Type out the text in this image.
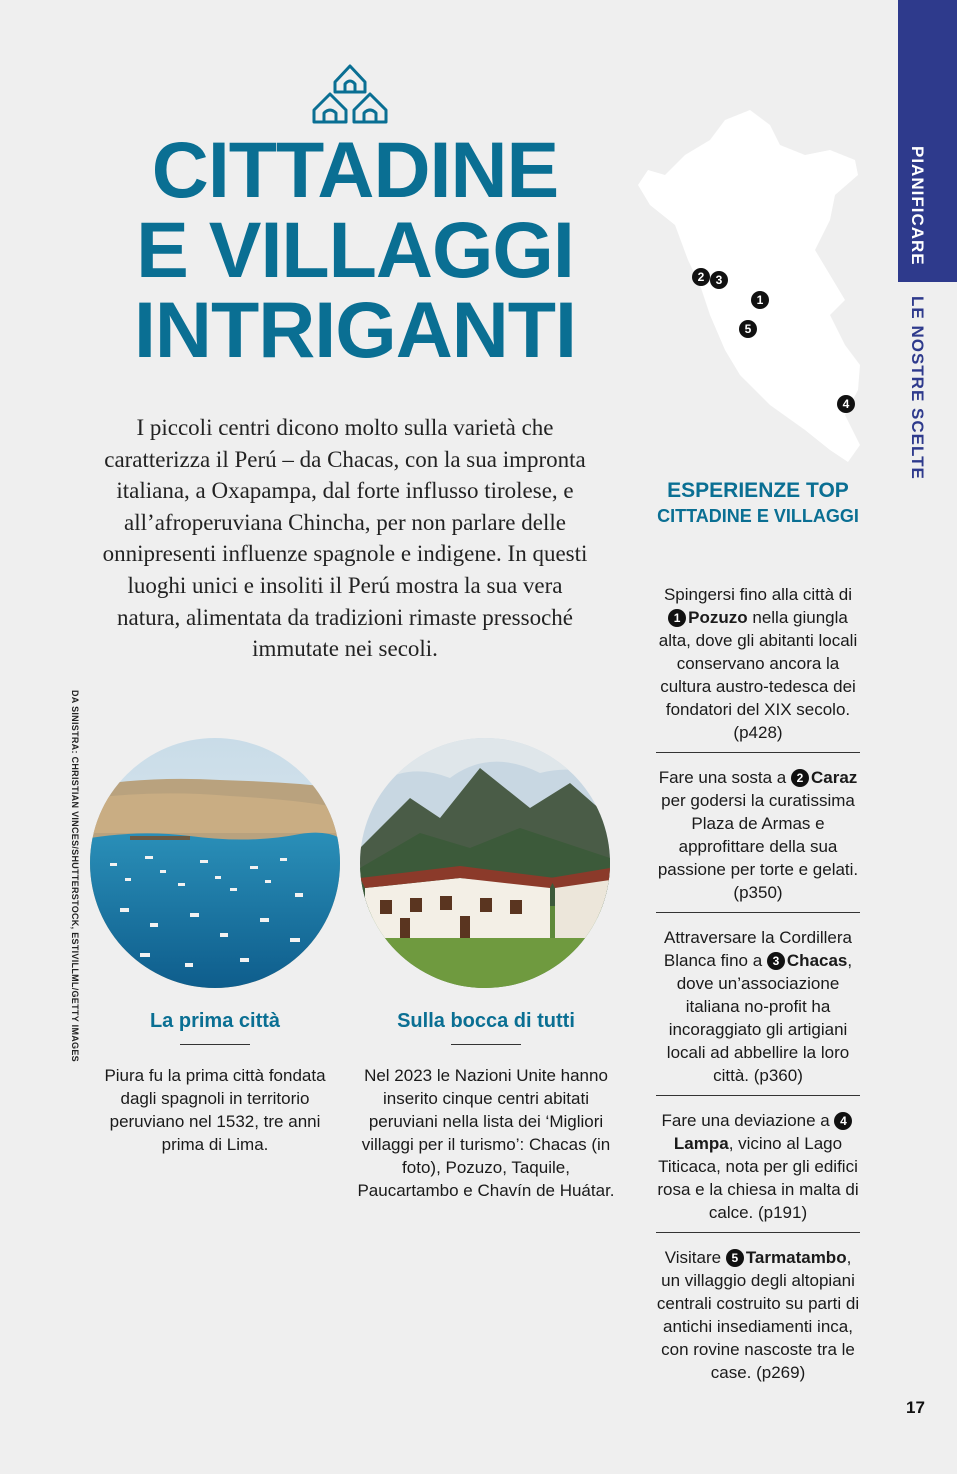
PIANIFICARE
LE NOSTRE SCELTE
CITTADINE
E VILLAGGI
INTRIGANTI

I piccoli centri dicono molto sulla varietà che caratterizza il Perú – da Chacas, con la sua impronta italiana, a Oxapampa, dal forte influsso tirolese, e all’afroperuviana Chincha, per non parlare delle onnipresenti influenze spagnole e indigene. In questi luoghi unici e insoliti il Perú mostra la sua vera natura, alimentata da tradizioni rimaste pressoché immutate nei secoli.

DA SINISTRA: CHRISTIAN VINCES/SHUTTERSTOCK, ESTIVILLML/GETTY IMAGES	La prima città

Piura fu la prima città fondata dagli spagnoli in territorio peruviano nel 1532, tre anni prima di Lima.

Sulla bocca di tutti

Nel 2023 le Nazioni Unite hanno inserito cinque centri abitati peruviani nella lista dei ‘Migliori villaggi per il turismo’: Chacas (in foto), Pozuzo, Taquile, Paucartambo e Chavín de Huátar.

2 3
1
5
4
ESPERIENZE TOP
CITTADINE E VILLAGGI
Spingersi fino alla città di 1 Pozuzo nella giungla alta, dove gli abitanti locali conservano ancora la cultura austro-tedesca dei fondatori del XIX secolo. (p428)
Fare una sosta a 2 Caraz per godersi la curatissima Plaza de Armas e approfittare della sua passione per torte e gelati. (p350)
Attraversare la Cordillera Blanca fino a 3 Chacas, dove un’associazione italiana no-profit ha incoraggiato gli artigiani locali ad abbellire la loro città. (p360)
Fare una deviazione a 4Lampa, vicino al Lago Titicaca, nota per gli edifici rosa e la chiesa in malta di calce. (p191)
Visitare 5 Tarmatambo, un villaggio degli altopiani centrali costruito su parti di antichi insediamenti inca, con rovine nascoste tra le case. (p269)
17
